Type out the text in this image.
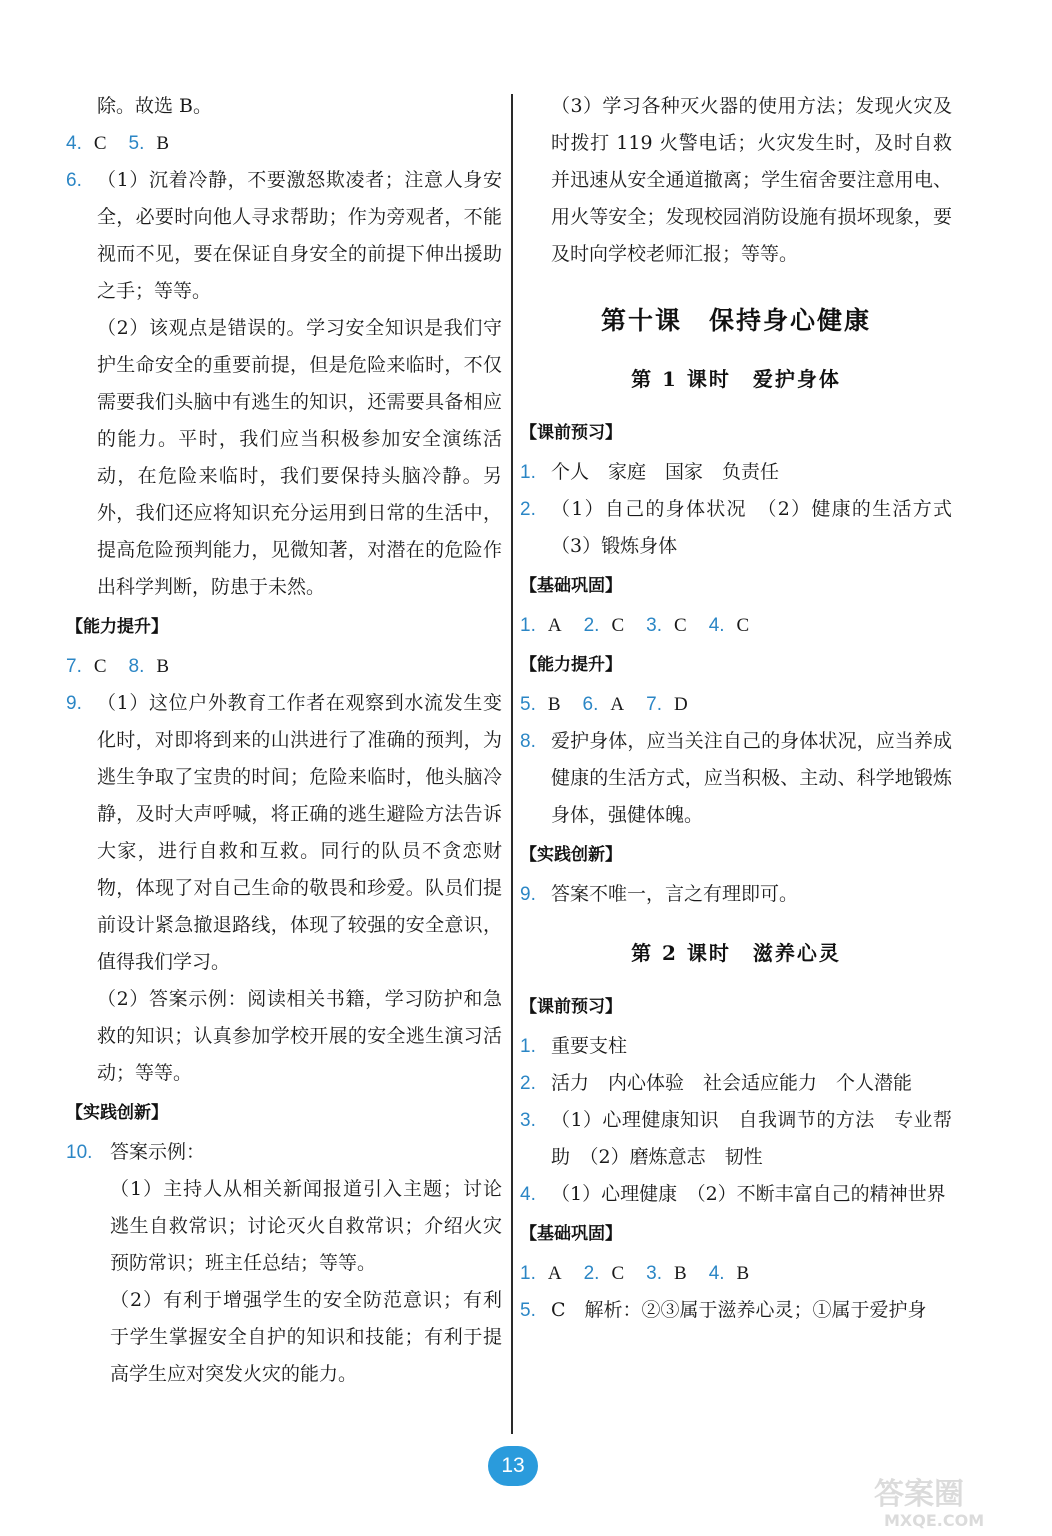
除。故选 B。
4. C 5. B
6. （1）沉着冷静，不要激怒欺凌者；注意人身安全，必要时向他人寻求帮助；作为旁观者，不能视而不见，要在保证自身安全的前提下伸出援助之手；等等。
（2）该观点是错误的。学习安全知识是我们守护生命安全的重要前提，但是危险来临时，不仅需要我们头脑中有逃生的知识，还需要具备相应的能力。平时，我们应当积极参加安全演练活动，在危险来临时，我们要保持头脑冷静。另外，我们还应将知识充分运用到日常的生活中，提高危险预判能力，见微知著，对潜在的危险作出科学判断，防患于未然。
【能力提升】
7. C 8. B
9. （1）这位户外教育工作者在观察到水流发生变化时，对即将到来的山洪进行了准确的预判，为逃生争取了宝贵的时间；危险来临时，他头脑冷静，及时大声呼喊，将正确的逃生避险方法告诉大家，进行自救和互救。同行的队员不贪恋财物，体现了对自己生命的敬畏和珍爱。队员们提前设计紧急撤退路线，体现了较强的安全意识，值得我们学习。
（2）答案示例：阅读相关书籍，学习防护和急救的知识；认真参加学校开展的安全逃生演习活动；等等。
【实践创新】
10. 答案示例：
（1）主持人从相关新闻报道引入主题；讨论逃生自救常识；讨论灭火自救常识；介绍火灾预防常识；班主任总结；等等。
（2）有利于增强学生的安全防范意识；有利于学生掌握安全自护的知识和技能；有利于提高学生应对突发火灾的能力。
（3）学习各种灭火器的使用方法；发现火灾及时拨打 119 火警电话；火灾发生时，及时自救并迅速从安全通道撤离；学生宿舍要注意用电、用火等安全；发现校园消防设施有损坏现象，要及时向学校老师汇报；等等。
第十课　保持身心健康
第 1 课时　爱护身体
【课前预习】
1. 个人　家庭　国家　负责任
2. （1）自己的身体状况　（2）健康的生活方式　（3）锻炼身体
【基础巩固】
1. A 2. C 3. C 4. C
【能力提升】
5. B 6. A 7. D
8. 爱护身体，应当关注自己的身体状况，应当养成健康的生活方式，应当积极、主动、科学地锻炼身体，强健体魄。
【实践创新】
9. 答案不唯一，言之有理即可。
第 2 课时　滋养心灵
【课前预习】
1. 重要支柱
2. 活力　内心体验　社会适应能力　个人潜能
3. （1）心理健康知识　自我调节的方法　专业帮助　（2）磨炼意志　韧性
4. （1）心理健康　（2）不断丰富自己的精神世界
【基础巩固】
1. A 2. C 3. B 4. B
5. C　解析：②③属于滋养心灵；①属于爱护身
13
答案圈
MXQE.COM
